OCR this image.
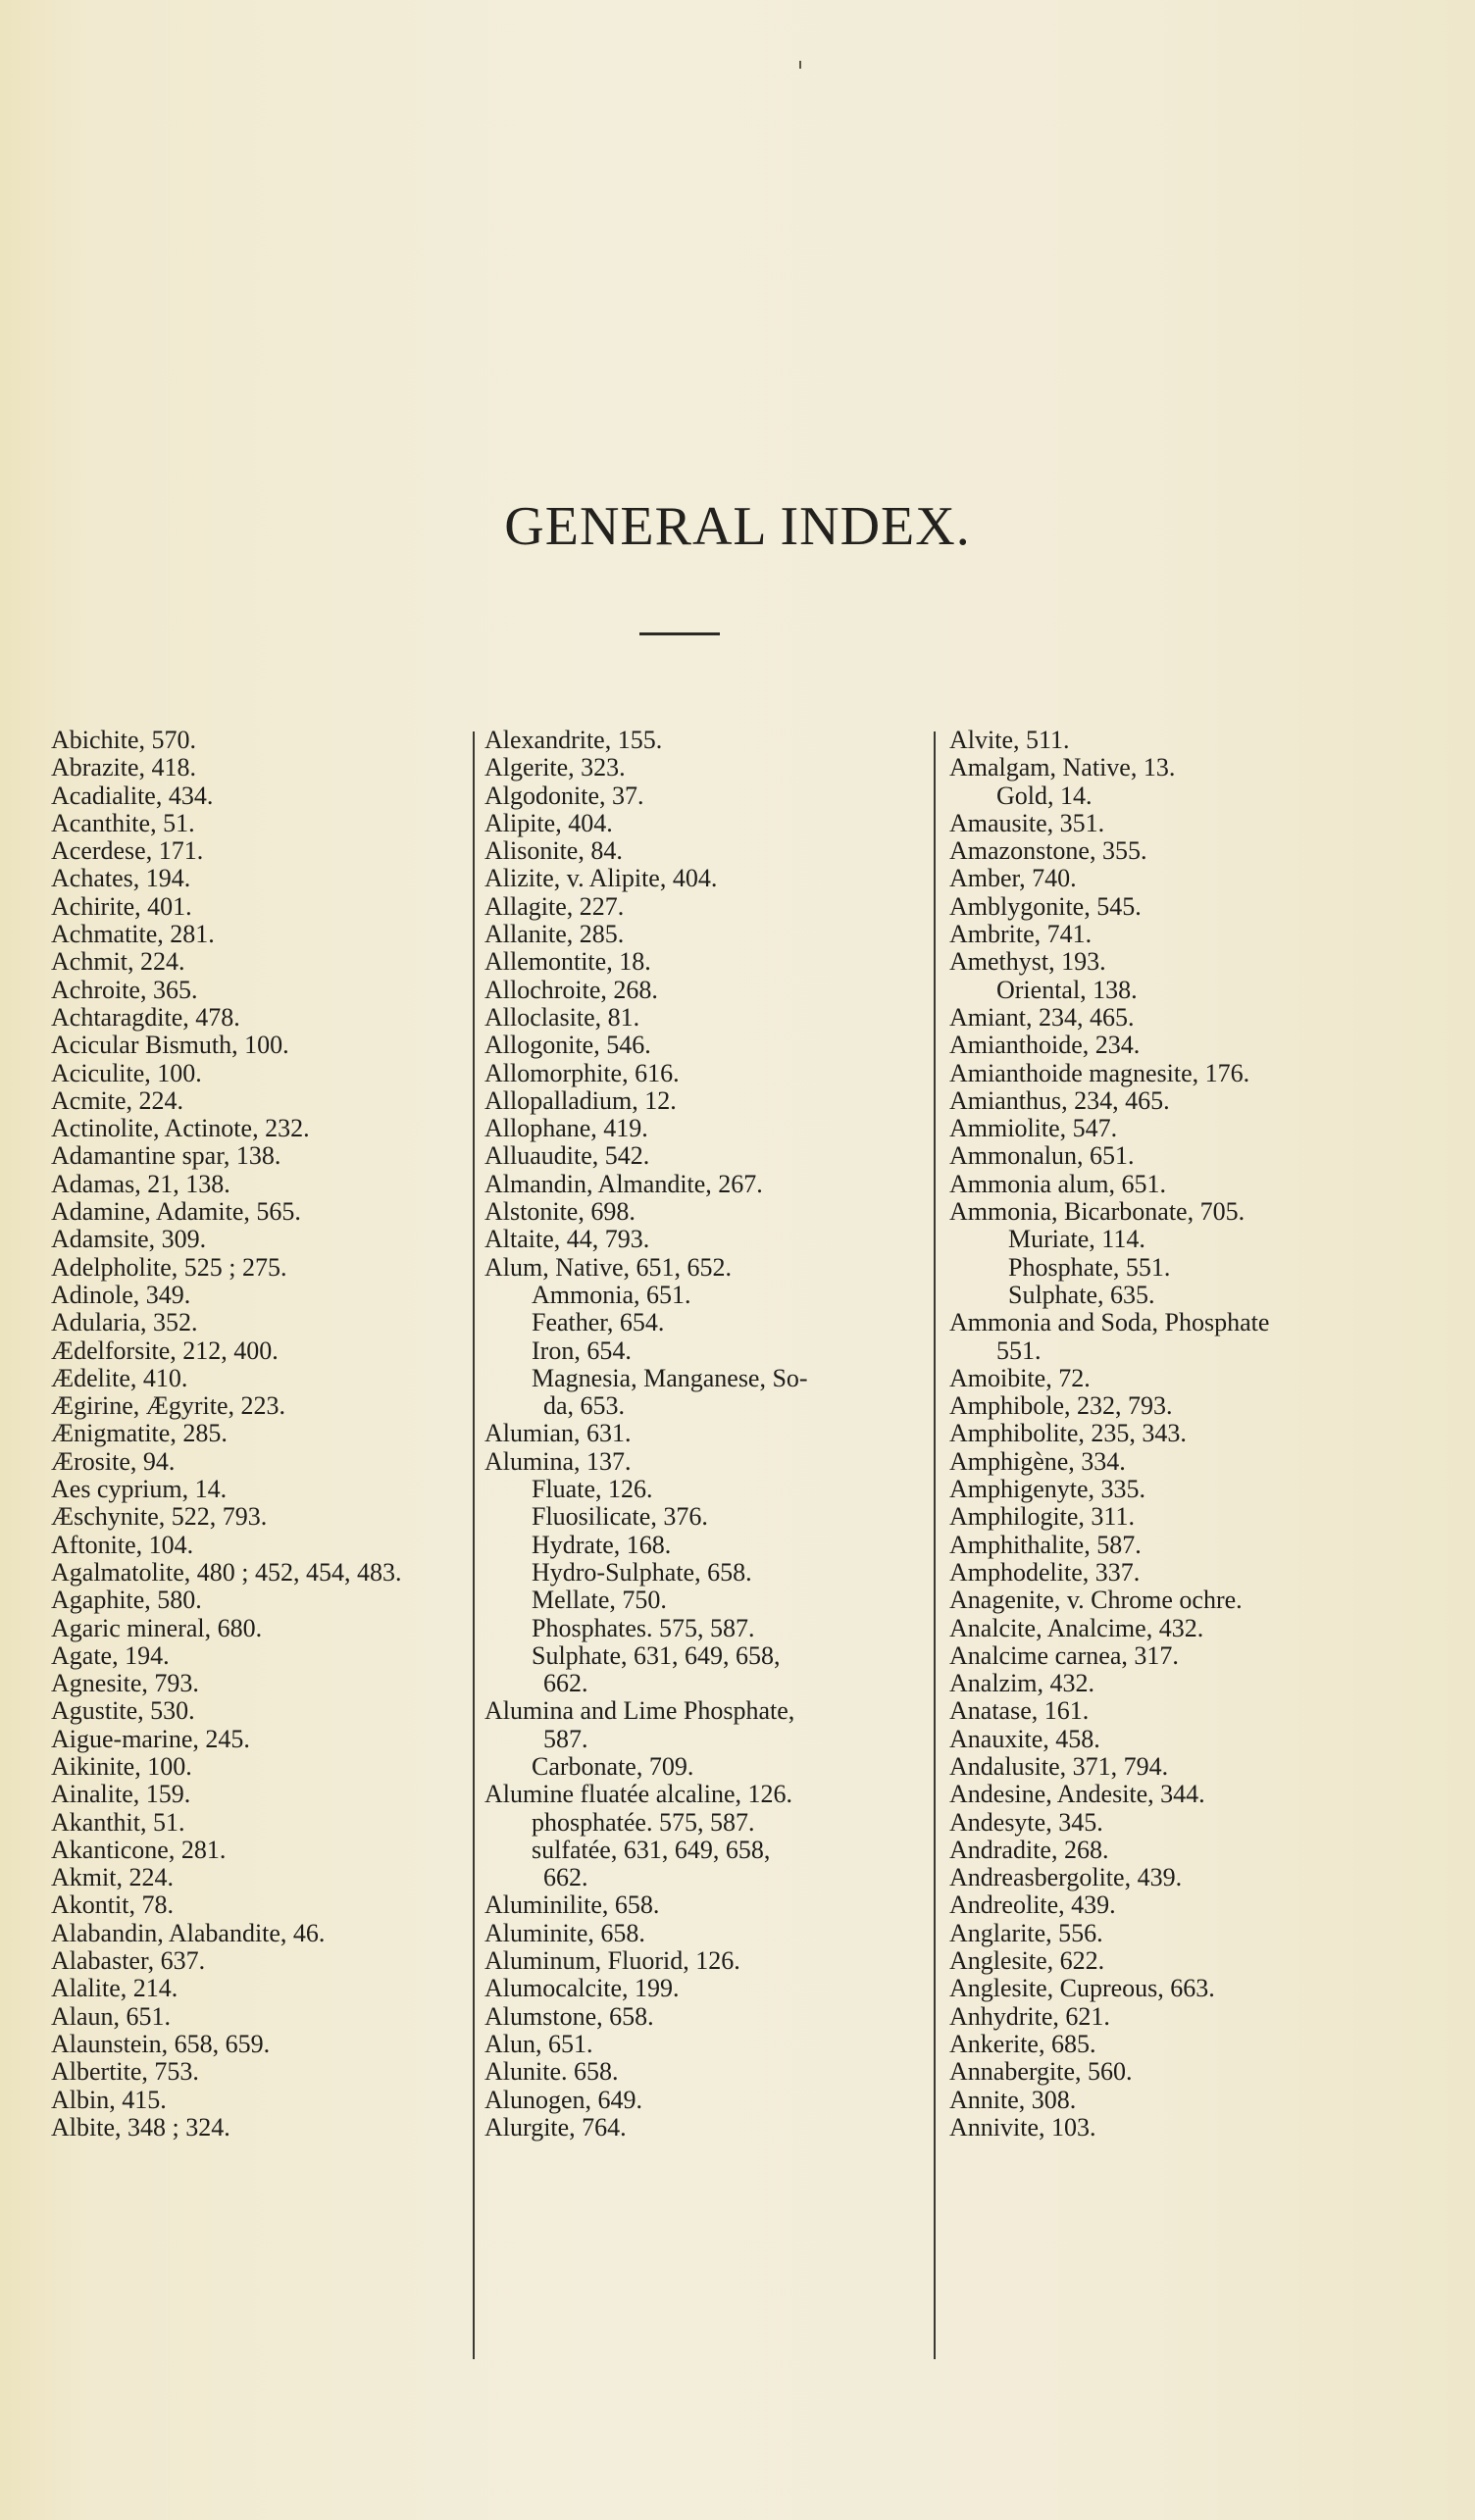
GENERAL INDEX.
Abichite, 570.
Abrazite, 418.
Acadialite, 434.
Acanthite, 51.
Acerdese, 171.
Achates, 194.
Achirite, 401.
Achmatite, 281.
Achmit, 224.
Achroite, 365.
Achtaragdite, 478.
Acicular Bismuth, 100.
Aciculite, 100.
Acmite, 224.
Actinolite, Actinote, 232.
Adamantine spar, 138.
Adamas, 21, 138.
Adamine, Adamite, 565.
Adamsite, 309.
Adelpholite, 525 ; 275.
Adinole, 349.
Adularia, 352.
Ædelforsite, 212, 400.
Ædelite, 410.
Ægirine, Ægyrite, 223.
Ænigmatite, 285.
Ærosite, 94.
Aes cyprium, 14.
Æschynite, 522, 793.
Aftonite, 104.
Agalmatolite, 480 ; 452, 454, 483.
Agaphite, 580.
Agaric mineral, 680.
Agate, 194.
Agnesite, 793.
Agustite, 530.
Aigue-marine, 245.
Aikinite, 100.
Ainalite, 159.
Akanthit, 51.
Akanticone, 281.
Akmit, 224.
Akontit, 78.
Alabandin, Alabandite, 46.
Alabaster, 637.
Alalite, 214.
Alaun, 651.
Alaunstein, 658, 659.
Albertite, 753.
Albin, 415.
Albite, 348 ; 324.
Alexandrite, 155.
Algerite, 323.
Algodonite, 37.
Alipite, 404.
Alisonite, 84.
Alizite, v. Alipite, 404.
Allagite, 227.
Allanite, 285.
Allemontite, 18.
Allochroite, 268.
Alloclasite, 81.
Allogonite, 546.
Allomorphite, 616.
Allopalladium, 12.
Allophane, 419.
Alluaudite, 542.
Almandin, Almandite, 267.
Alstonite, 698.
Altaite, 44, 793.
Alum, Native, 651, 652.
Ammonia, 651.
Feather, 654.
Iron, 654.
Magnesia, Manganese, So-
da, 653.
Alumian, 631.
Alumina, 137.
Fluate, 126.
Fluosilicate, 376.
Hydrate, 168.
Hydro-Sulphate, 658.
Mellate, 750.
Phosphates. 575, 587.
Sulphate, 631, 649, 658,
662.
Alumina and Lime Phosphate,
587.
Carbonate, 709.
Alumine fluatée alcaline, 126.
phosphatée. 575, 587.
sulfatée, 631, 649, 658,
662.
Aluminilite, 658.
Aluminite, 658.
Aluminum, Fluorid, 126.
Alumocalcite, 199.
Alumstone, 658.
Alun, 651.
Alunite. 658.
Alunogen, 649.
Alurgite, 764.
Alvite, 511.
Amalgam, Native, 13.
Gold, 14.
Amausite, 351.
Amazonstone, 355.
Amber, 740.
Amblygonite, 545.
Ambrite, 741.
Amethyst, 193.
Oriental, 138.
Amiant, 234, 465.
Amianthoide, 234.
Amianthoide magnesite, 176.
Amianthus, 234, 465.
Ammiolite, 547.
Ammonalun, 651.
Ammonia alum, 651.
Ammonia, Bicarbonate, 705.
Muriate, 114.
Phosphate, 551.
Sulphate, 635.
Ammonia and Soda, Phosphate
551.
Amoibite, 72.
Amphibole, 232, 793.
Amphibolite, 235, 343.
Amphigène, 334.
Amphigenyte, 335.
Amphilogite, 311.
Amphithalite, 587.
Amphodelite, 337.
Anagenite, v. Chrome ochre.
Analcite, Analcime, 432.
Analcime carnea, 317.
Analzim, 432.
Anatase, 161.
Anauxite, 458.
Andalusite, 371, 794.
Andesine, Andesite, 344.
Andesyte, 345.
Andradite, 268.
Andreasbergolite, 439.
Andreolite, 439.
Anglarite, 556.
Anglesite, 622.
Anglesite, Cupreous, 663.
Anhydrite, 621.
Ankerite, 685.
Annabergite, 560.
Annite, 308.
Annivite, 103.
